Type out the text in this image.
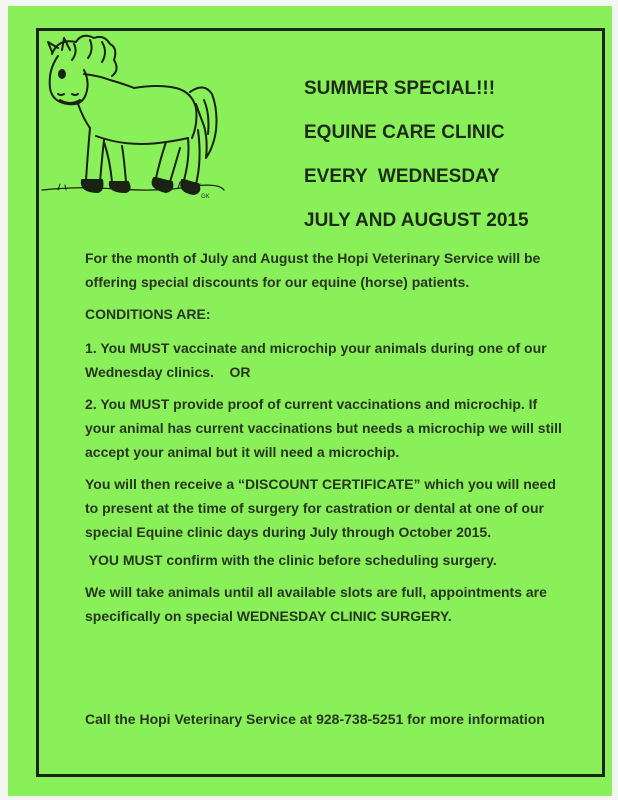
GK

SUMMER SPECIAL!!!

EQUINE CARE CLINIC

EVERY  WEDNESDAY

JULY AND AUGUST 2015

For the month of July and August the Hopi Veterinary Service will be offering special discounts for our equine (horse) patients.

CONDITIONS ARE:

1. You MUST vaccinate and microchip your animals during one of our Wednesday clinics.    OR

2. You MUST provide proof of current vaccinations and microchip. If your animal has current vaccinations but needs a microchip we will still accept your animal but it will need a microchip.

You will then receive a “DISCOUNT CERTIFICATE” which you will need to present at the time of surgery for castration or dental at one of our special Equine clinic days during July through October 2015.

YOU MUST confirm with the clinic before scheduling surgery.

We will take animals until all available slots are full, appointments are specifically on special WEDNESDAY CLINIC SURGERY.

Call the Hopi Veterinary Service at 928-738-5251 for more information
